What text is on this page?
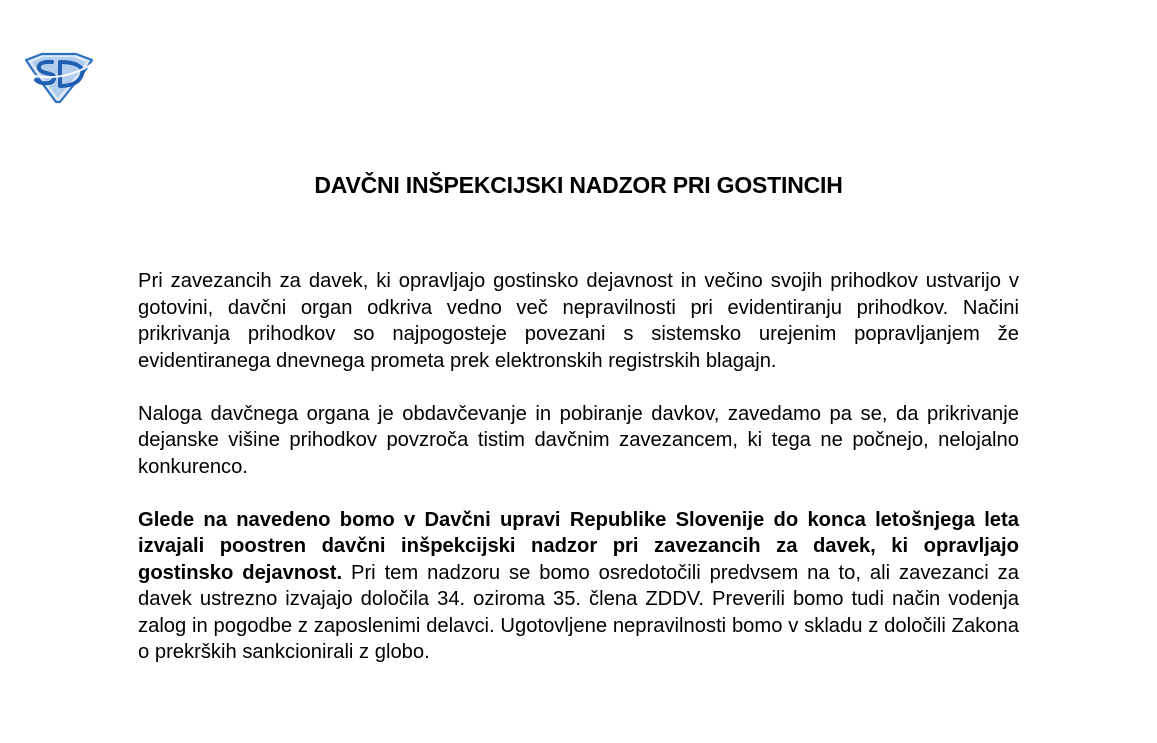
DAVČNI INŠPEKCIJSKI NADZOR PRI GOSTINCIH

Pri zavezancih za davek, ki opravljajo gostinsko dejavnost in večino svojih prihodkov ustvarijo v gotovini, davčni organ odkriva vedno več nepravilnosti pri evidentiranju prihodkov. Načini prikrivanja prihodkov so najpogosteje povezani s sistemsko urejenim popravljanjem že evidentiranega dnevnega prometa prek elektronskih registrskih blagajn.

Naloga davčnega organa je obdavčevanje in pobiranje davkov, zavedamo pa se, da prikrivanje dejanske višine prihodkov povzroča tistim davčnim zavezancem, ki tega ne počnejo, nelojalno konkurenco.

Glede na navedeno bomo v Davčni upravi Republike Slovenije do konca letošnjega leta izvajali poostren davčni inšpekcijski nadzor pri zavezancih za davek, ki opravljajo gostinsko dejavnost. Pri tem nadzoru se bomo osredotočili predvsem na to, ali zavezanci za davek ustrezno izvajajo določila 34. oziroma 35. člena ZDDV. Preverili bomo tudi način vodenja zalog in pogodbe z zaposlenimi delavci. Ugotovljene nepravilnosti bomo v skladu z določili Zakona o prekrških sankcionirali z globo.
